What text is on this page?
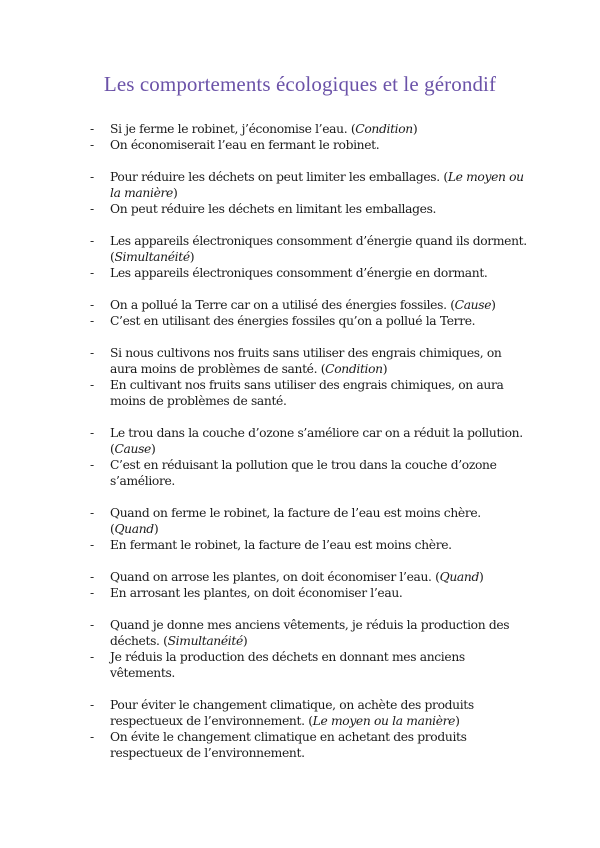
Les comportements écologiques et le gérondif

- Si je ferme le robinet, j’économise l’eau. (Condition)

- On économiserait l’eau en fermant le robinet.

- Pour réduire les déchets on peut limiter les emballages. (Le moyen ou la manière)

- On peut réduire les déchets en limitant les emballages.

- Les appareils électroniques consomment d’énergie quand ils dorment. (Simultanéité)

- Les appareils électroniques consomment d’énergie en dormant.

- On a pollué la Terre car on a utilisé des énergies fossiles. (Cause)

- C’est en utilisant des énergies fossiles qu’on a pollué la Terre.

- Si nous cultivons nos fruits sans utiliser des engrais chimiques, on aura moins de problèmes de santé. (Condition)

- En cultivant nos fruits sans utiliser des engrais chimiques, on aura moins de problèmes de santé.

- Le trou dans la couche d’ozone s’améliore car on a réduit la pollution. (Cause)

- C’est en réduisant la pollution que le trou dans la couche d’ozone s’améliore.

- Quand on ferme le robinet, la facture de l’eau est moins chère. (Quand)

- En fermant le robinet, la facture de l’eau est moins chère.

- Quand on arrose les plantes, on doit économiser l’eau. (Quand)

- En arrosant les plantes, on doit économiser l’eau.

- Quand je donne mes anciens vêtements, je réduis la production des déchets. (Simultanéité)

- Je réduis la production des déchets en donnant mes anciens vêtements.

- Pour éviter le changement climatique, on achète des produits respectueux de l’environnement. (Le moyen ou la manière)

- On évite le changement climatique en achetant des produits respectueux de l’environnement.
